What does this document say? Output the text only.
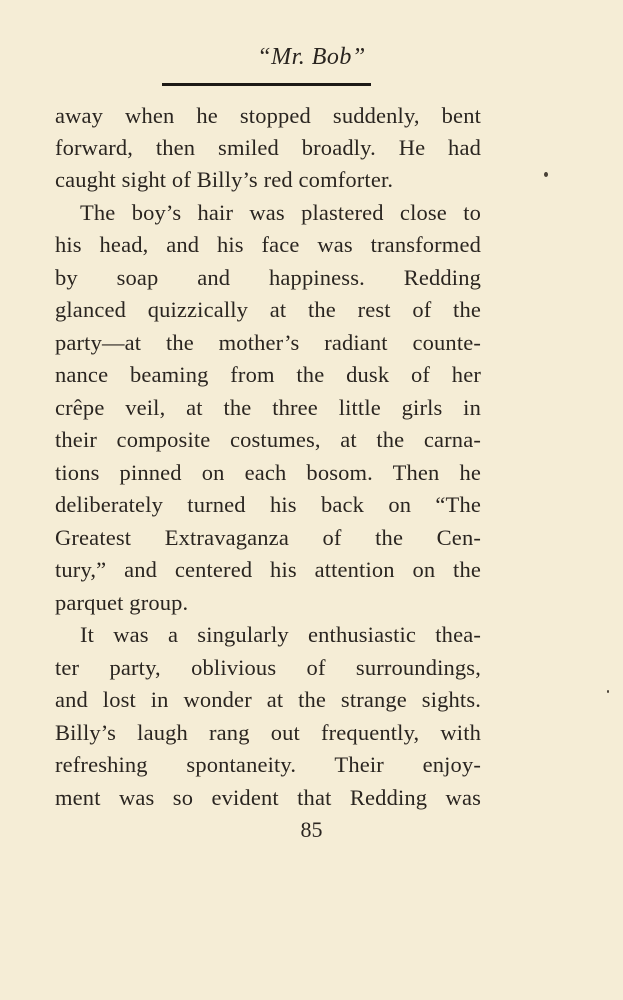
“Mr. Bob”
away when he stopped suddenly, bent
forward, then smiled broadly. He had
caught sight of Billy’s red comforter.
The boy’s hair was plastered close to
his head, and his face was transformed
by soap and happiness. Redding
glanced quizzically at the rest of the
party—at the mother’s radiant counte-
nance beaming from the dusk of her
crêpe veil, at the three little girls in
their composite costumes, at the carna-
tions pinned on each bosom. Then he
deliberately turned his back on “The
Greatest Extravaganza of the Cen-
tury,” and centered his attention on the
parquet group.
It was a singularly enthusiastic thea-
ter party, oblivious of surroundings,
and lost in wonder at the strange sights.
Billy’s laugh rang out frequently, with
refreshing spontaneity. Their enjoy-
ment was so evident that Redding was
85
